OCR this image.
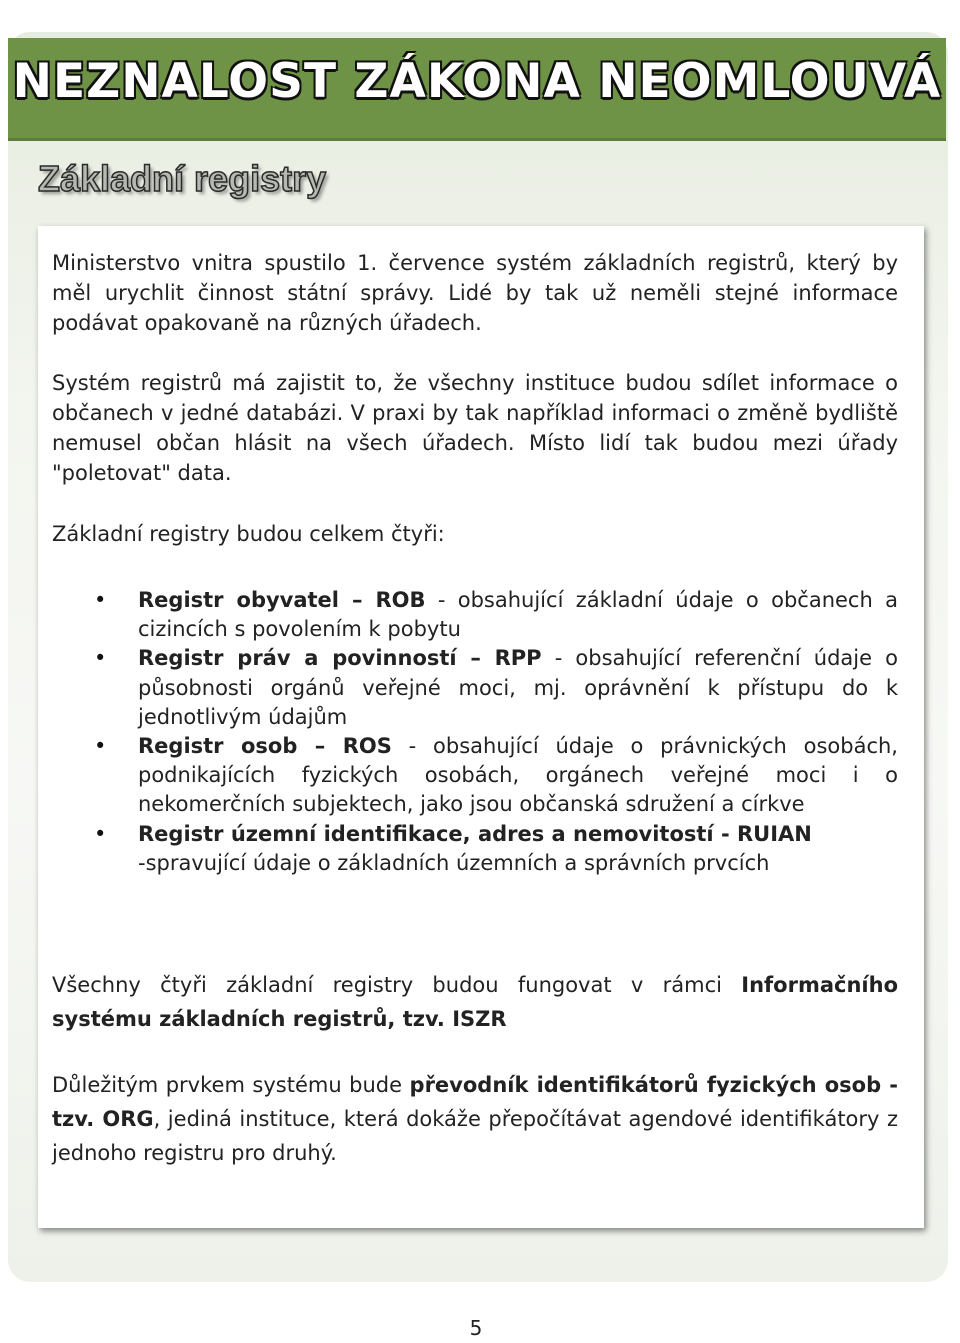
NEZNALOST ZÁKONA NEOMLOUVÁ
Základní registry
Ministerstvo vnitra spustilo 1. července systém základních registrů, který by měl urychlit činnost státní správy. Lidé by tak už neměli stejné informace podávat opakovaně na různých úřadech.
Systém registrů má zajistit to, že všechny instituce budou sdílet informace o občanech v jedné databázi. V praxi by tak například informaci o změně bydliště nemusel občan hlásit na všech úřadech. Místo lidí tak budou mezi úřady "poletovat" data.
Základní registry budou celkem čtyři:
• Registr obyvatel – ROB - obsahující základní údaje o občanech a cizincích s povolením k pobytu
• Registr práv a povinností – RPP - obsahující referenční údaje o působnosti orgánů veřejné moci, mj. oprávnění k přístupu do k jednotlivým údajům
• Registr osob – ROS - obsahující údaje o právnických osobách, podnikajících fyzických osobách, orgánech veřejné moci i o nekomerčních subjektech, jako jsou občanská sdružení a církve
• Registr územní identifikace, adres a nemovitostí - RUIAN
-spravující údaje o základních územních a správních prvcích
Všechny čtyři základní registry budou fungovat v rámci Informačního systému základních registrů, tzv. ISZR
Důležitým prvkem systému bude převodník identifikátorů fyzických osob - tzv. ORG, jediná instituce, která dokáže přepočítávat agendové identifikátory z jednoho registru pro druhý.
5
